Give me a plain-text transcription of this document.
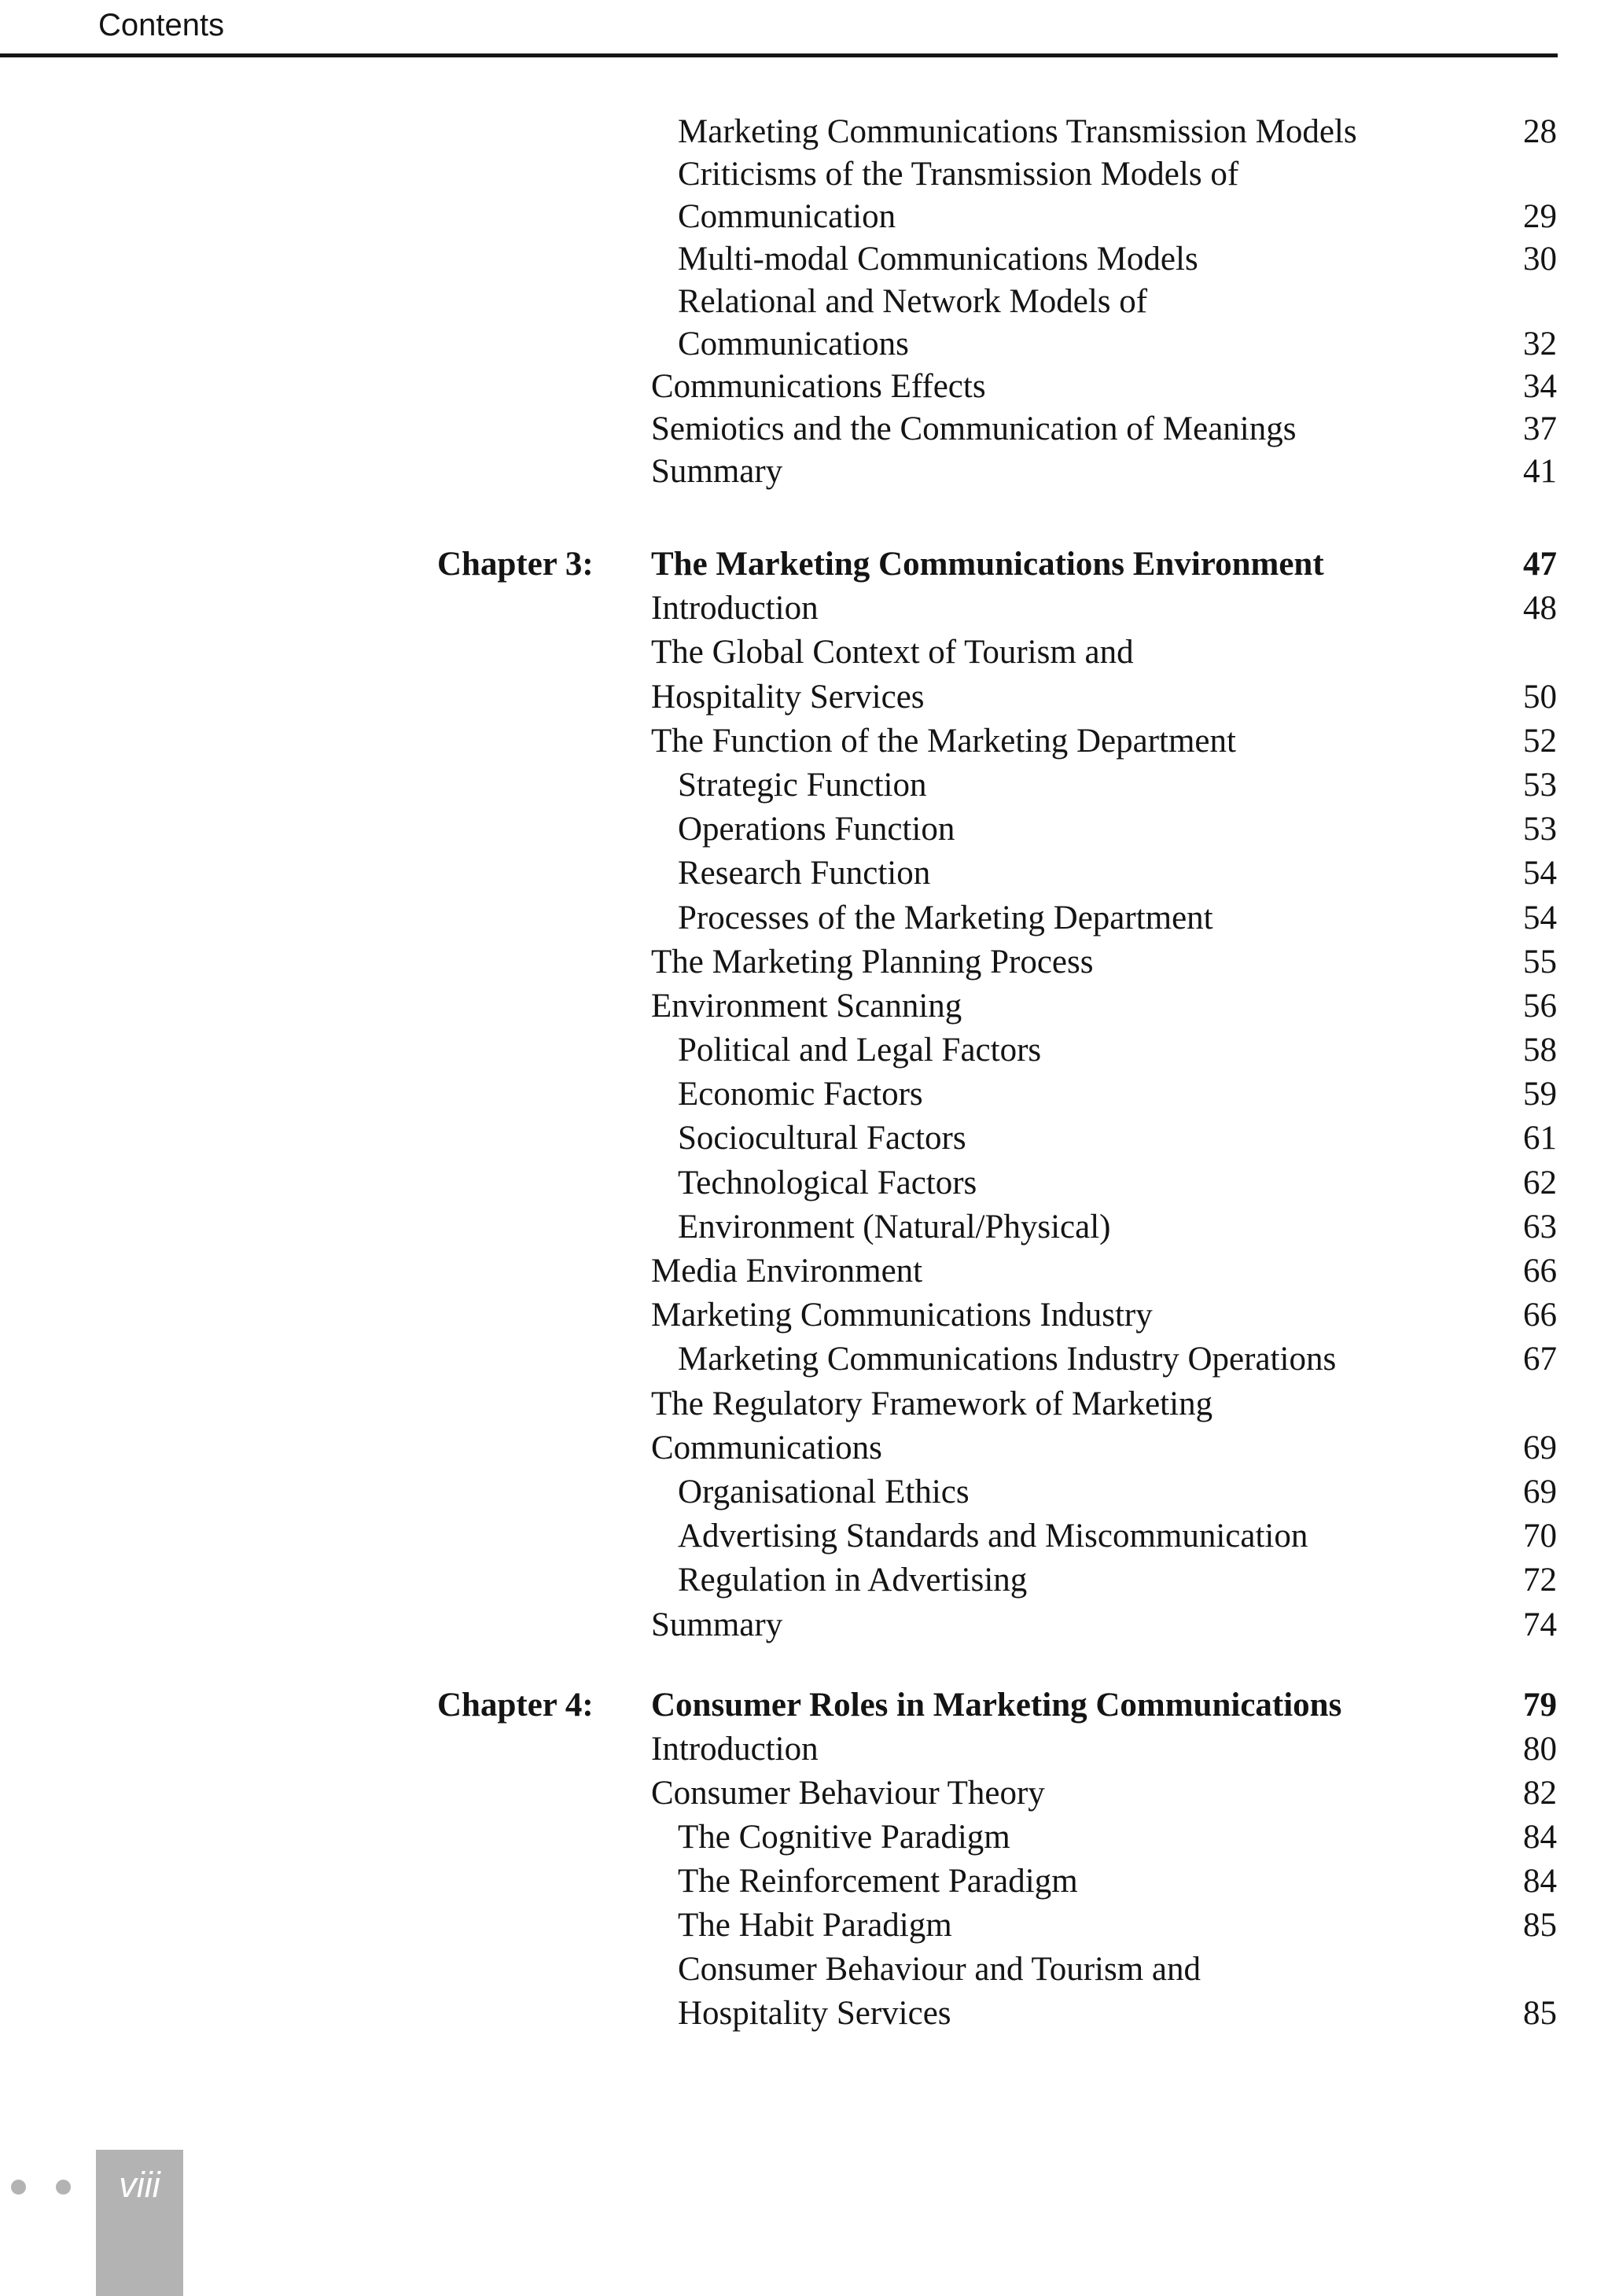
Contents
Marketing Communications Transmission Models	28
Criticisms of the Transmission Models of
Communication	29
Multi-modal Communications Models	30
Relational and Network Models of
Communications	32
Communications Effects	34
Semiotics and the Communication of Meanings	37
Summary	41
Chapter 3: The Marketing Communications Environment	47
Introduction	48
The Global Context of Tourism and
Hospitality Services	50
The Function of the Marketing Department	52
Strategic Function	53
Operations Function	53
Research Function	54
Processes of the Marketing Department	54
The Marketing Planning Process	55
Environment Scanning	56
Political and Legal Factors	58
Economic Factors	59
Sociocultural Factors	61
Technological Factors	62
Environment (Natural/Physical)	63
Media Environment	66
Marketing Communications Industry	66
Marketing Communications Industry Operations	67
The Regulatory Framework of Marketing
Communications	69
Organisational Ethics	69
Advertising Standards and Miscommunication	70
Regulation in Advertising	72
Summary	74
Chapter 4: Consumer Roles in Marketing Communications	79
Introduction	80
Consumer Behaviour Theory	82
The Cognitive Paradigm	84
The Reinforcement Paradigm	84
The Habit Paradigm	85
Consumer Behaviour and Tourism and
Hospitality Services	85
viii
